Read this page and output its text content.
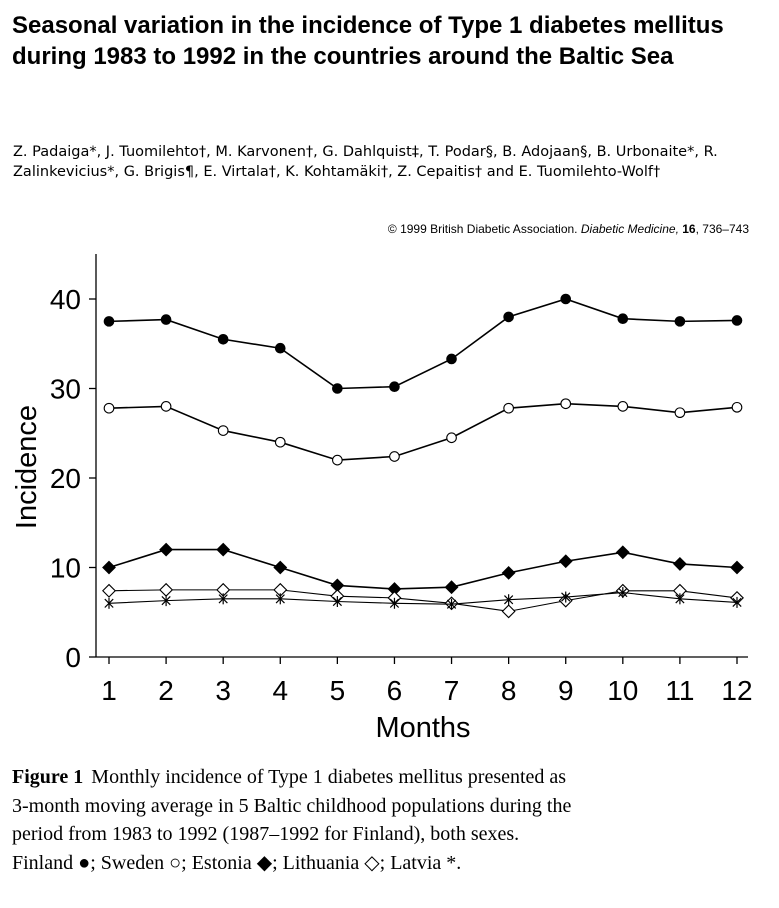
Seasonal variation in the incidence of Type 1 diabetes mellitus during 1983 to 1992 in the countries around the Baltic Sea

Z. Padaiga*, J. Tuomilehto†, M. Karvonen†, G. Dahlquist‡, T. Podar§, B. Adojaan§, B. Urbonaite*, R. Zalinkevicius*, G. Brigis¶, E. Virtala†, K. Kohtamäki†, Z. Cepaitis† and E. Tuomilehto-Wolf†

© 1999 British Diabetic Association. Diabetic Medicine, 16, 736–743
0
10
20
30
40
1 2 3 4 5 6 7 8 9 10 11 12
Months
Incidence
Figure 1 Monthly incidence of Type 1 diabetes mellitus presented as
3-month moving average in 5 Baltic childhood populations during the
period from 1983 to 1992 (1987–1992 for Finland), both sexes.
Finland ●; Sweden ○; Estonia ◆; Lithuania ◇; Latvia *.
